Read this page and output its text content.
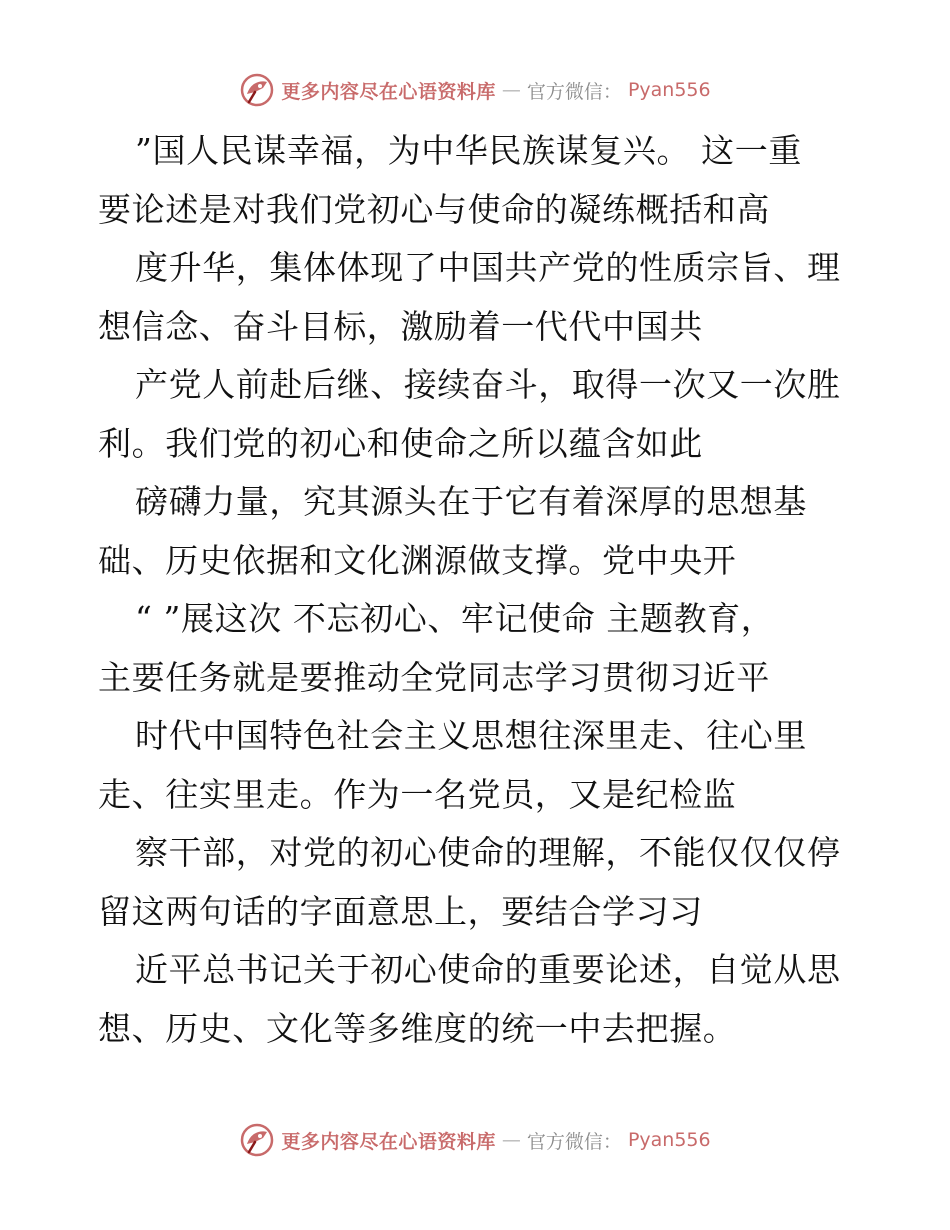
更多内容尽在心语资料库 — 官方微信： Pyan556
”国人民谋幸福，为中华民族谋复兴。 这一重
要论述是对我们党初心与使命的凝练概括和高
度升华，集体体现了中国共产党的性质宗旨、理
想信念、奋斗目标，激励着一代代中国共
产党人前赴后继、接续奋斗，取得一次又一次胜
利。我们党的初心和使命之所以蕴含如此
磅礴力量，究其源头在于它有着深厚的思想基
础、历史依据和文化渊源做支撑。党中央开
“ ”展这次 不忘初心、牢记使命 主题教育，
主要任务就是要推动全党同志学习贯彻习近平
时代中国特色社会主义思想往深里走、往心里
走、往实里走。作为一名党员，又是纪检监
察干部，对党的初心使命的理解，不能仅仅仅停
留这两句话的字面意思上，要结合学习习
近平总书记关于初心使命的重要论述，自觉从思
想、历史、文化等多维度的统一中去把握。
更多内容尽在心语资料库 — 官方微信： Pyan556
